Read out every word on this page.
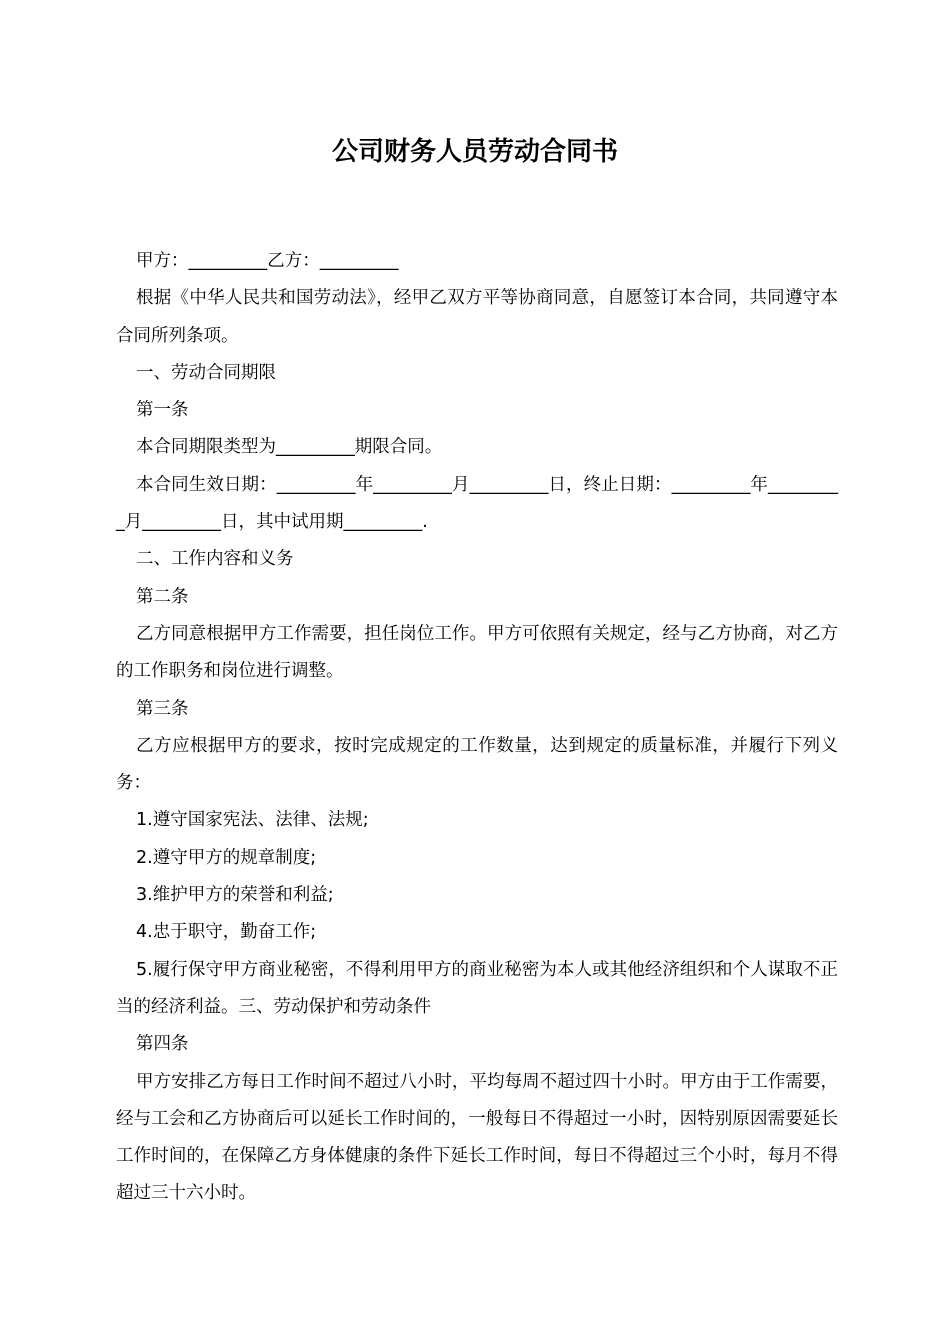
公司财务人员劳动合同书

甲方：_________乙方：_________

根据《中华人民共和国劳动法》，经甲乙双方平等协商同意，自愿签订本合同，共同遵守本合同所列条项。

一、劳动合同期限

第一条

本合同期限类型为_________期限合同。

本合同生效日期：_________年_________月_________日，终止日期：_________年_________月_________日，其中试用期_________.

二、工作内容和义务

第二条

乙方同意根据甲方工作需要，担任岗位工作。甲方可依照有关规定，经与乙方协商，对乙方的工作职务和岗位进行调整。

第三条

乙方应根据甲方的要求，按时完成规定的工作数量，达到规定的质量标准，并履行下列义务：

1.遵守国家宪法、法律、法规;

2.遵守甲方的规章制度;

3.维护甲方的荣誉和利益;

4.忠于职守，勤奋工作;

5.履行保守甲方商业秘密，不得利用甲方的商业秘密为本人或其他经济组织和个人谋取不正当的经济利益。三、劳动保护和劳动条件

第四条

甲方安排乙方每日工作时间不超过八小时，平均每周不超过四十小时。甲方由于工作需要，经与工会和乙方协商后可以延长工作时间的，一般每日不得超过一小时，因特别原因需要延长工作时间的，在保障乙方身体健康的条件下延长工作时间，每日不得超过三个小时，每月不得超过三十六小时。
